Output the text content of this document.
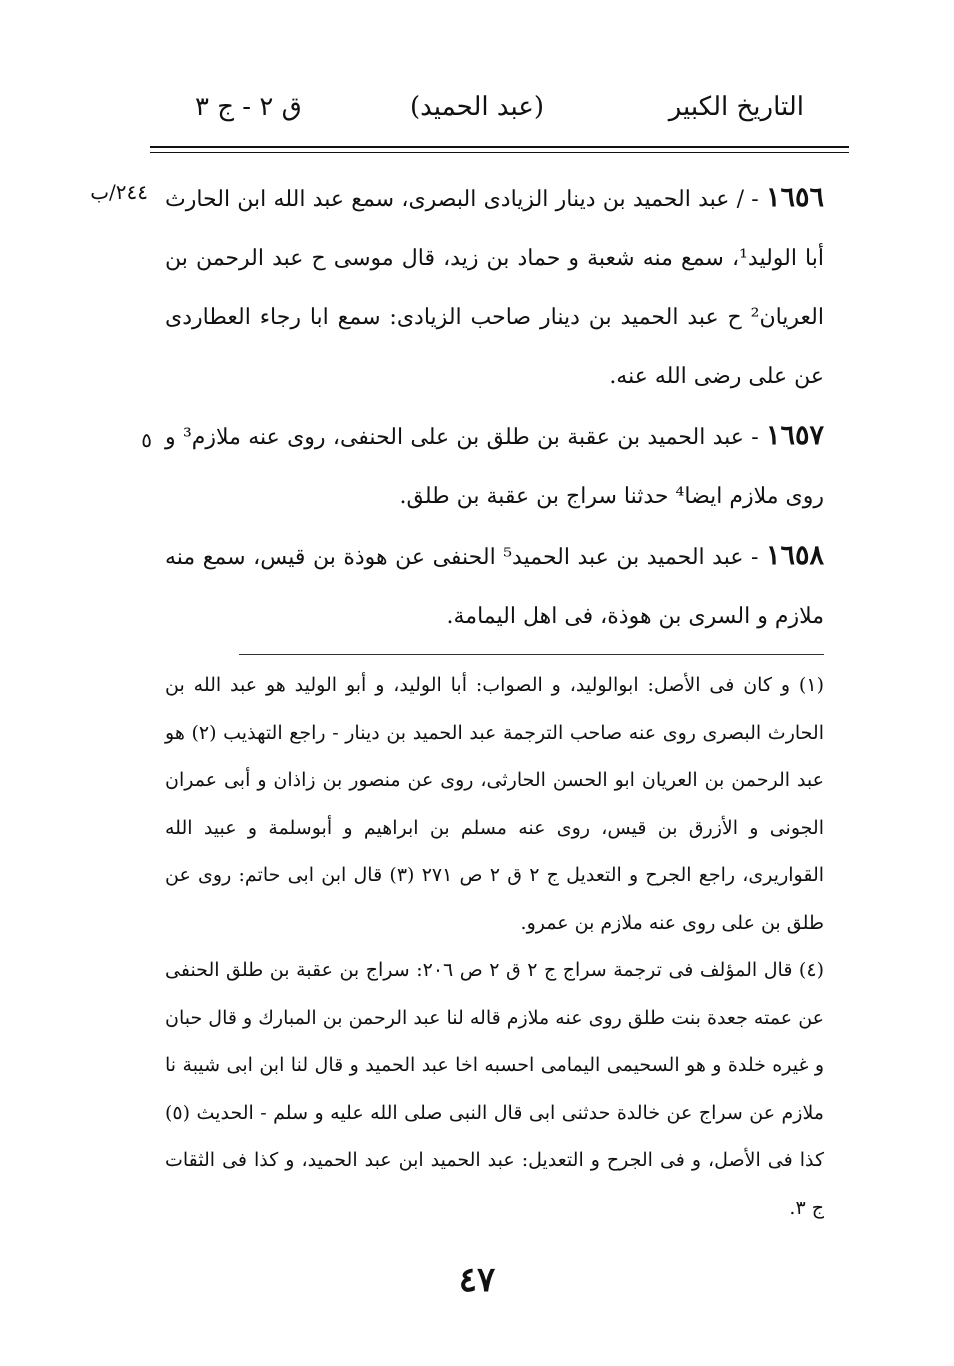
التاريخ الكبير
(عبد الحميد)
ق ٢ - ج ٣
٢٤٤/ب
٥

١٦٥٦ - / عبد الحميد بن دينار الزيادى البصرى، سمع عبد الله ابن الحارث أبا الوليد¹، سمع منه شعبة و حماد بن زيد، قال موسى ح عبد الرحمن بن العريان² ح عبد الحميد بن دينار صاحب الزيادى: سمع ابا رجاء العطاردى عن على رضى الله عنه.

١٦٥٧ - عبد الحميد بن عقبة بن طلق بن على الحنفى، روى عنه ملازم³ و روى ملازم ايضا⁴ حدثنا سراج بن عقبة بن طلق.

١٦٥٨ - عبد الحميد بن عبد الحميد⁵ الحنفى عن هوذة بن قيس، سمع منه ملازم و السرى بن هوذة، فى اهل اليمامة.

(١) و كان فى الأصل: ابوالوليد، و الصواب: أبا الوليد، و أبو الوليد هو عبد الله بن الحارث البصرى روى عنه صاحب الترجمة عبد الحميد بن دينار - راجع التهذيب (٢) هو عبد الرحمن بن العريان ابو الحسن الحارثى، روى عن منصور بن زاذان و أبى عمران الجونى و الأزرق بن قيس، روى عنه مسلم بن ابراهيم و أبوسلمة و عبيد الله القواريرى، راجع الجرح و التعديل ج ٢ ق ٢ ص ٢٧١ (٣) قال ابن ابى حاتم: روى عن طلق بن على روى عنه ملازم بن عمرو.

(٤) قال المؤلف فى ترجمة سراج ج ٢ ق ٢ ص ٢٠٦: سراج بن عقبة بن طلق الحنفى عن عمته جعدة بنت طلق روى عنه ملازم قاله لنا عبد الرحمن بن المبارك و قال حبان و غيره خلدة و هو السحيمى اليمامى احسبه اخا عبد الحميد و قال لنا ابن ابى شيبة نا ملازم عن سراج عن خالدة حدثنى ابى قال النبى صلى الله عليه و سلم - الحديث (٥) كذا فى الأصل، و فى الجرح و التعديل: عبد الحميد ابن عبد الحميد، و كذا فى الثقات ج ٣.

٤٧
